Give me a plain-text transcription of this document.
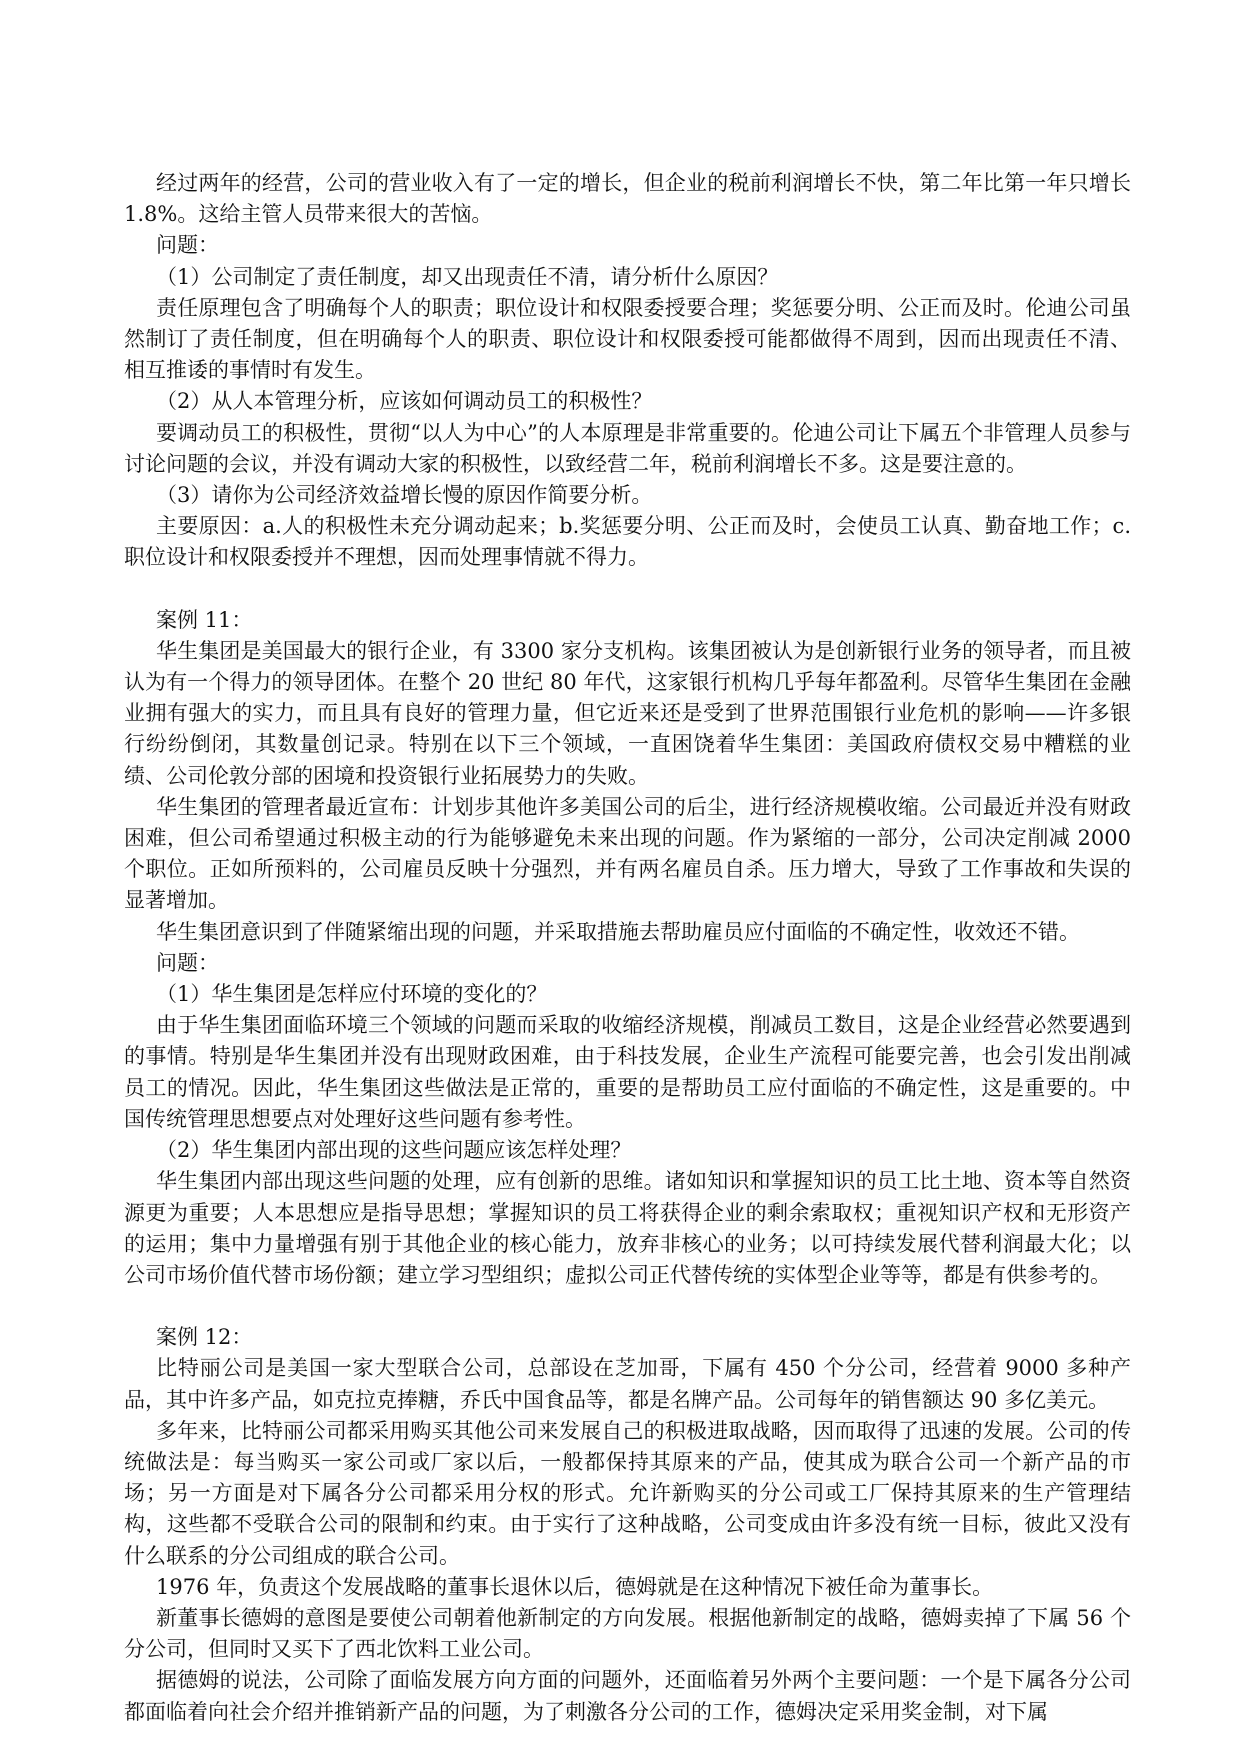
经过两年的经营，公司的营业收入有了一定的增长，但企业的税前利润增长不快，第二年比第一年只增长 1.8%。这给主管人员带来很大的苦恼。

问题：

（1）公司制定了责任制度，却又出现责任不清，请分析什么原因？

责任原理包含了明确每个人的职责；职位设计和权限委授要合理；奖惩要分明、公正而及时。伦迪公司虽然制订了责任制度，但在明确每个人的职责、职位设计和权限委授可能都做得不周到，因而出现责任不清、相互推诿的事情时有发生。

（2）从人本管理分析，应该如何调动员工的积极性？

要调动员工的积极性，贯彻“以人为中心”的人本原理是非常重要的。伦迪公司让下属五个非管理人员参与讨论问题的会议，并没有调动大家的积极性，以致经营二年，税前利润增长不多。这是要注意的。

（3）请你为公司经济效益增长慢的原因作简要分析。

主要原因：a.人的积极性未充分调动起来；b.奖惩要分明、公正而及时，会使员工认真、勤奋地工作；c.职位设计和权限委授并不理想，因而处理事情就不得力。

案例 11：

华生集团是美国最大的银行企业，有 3300 家分支机构。该集团被认为是创新银行业务的领导者，而且被认为有一个得力的领导团体。在整个 20 世纪 80 年代，这家银行机构几乎每年都盈利。尽管华生集团在金融业拥有强大的实力，而且具有良好的管理力量，但它近来还是受到了世界范围银行业危机的影响——许多银行纷纷倒闭，其数量创记录。特别在以下三个领域，一直困饶着华生集团：美国政府债权交易中糟糕的业绩、公司伦敦分部的困境和投资银行业拓展势力的失败。

华生集团的管理者最近宣布：计划步其他许多美国公司的后尘，进行经济规模收缩。公司最近并没有财政困难，但公司希望通过积极主动的行为能够避免未来出现的问题。作为紧缩的一部分，公司决定削减 2000 个职位。正如所预料的，公司雇员反映十分强烈，并有两名雇员自杀。压力增大，导致了工作事故和失误的显著增加。

华生集团意识到了伴随紧缩出现的问题，并采取措施去帮助雇员应付面临的不确定性，收效还不错。

问题：

（1）华生集团是怎样应付环境的变化的？

由于华生集团面临环境三个领域的问题而采取的收缩经济规模，削减员工数目，这是企业经营必然要遇到的事情。特别是华生集团并没有出现财政困难，由于科技发展，企业生产流程可能要完善，也会引发出削减员工的情况。因此，华生集团这些做法是正常的，重要的是帮助员工应付面临的不确定性，这是重要的。中国传统管理思想要点对处理好这些问题有参考性。

（2）华生集团内部出现的这些问题应该怎样处理？

华生集团内部出现这些问题的处理，应有创新的思维。诸如知识和掌握知识的员工比土地、资本等自然资源更为重要；人本思想应是指导思想；掌握知识的员工将获得企业的剩余索取权；重视知识产权和无形资产的运用；集中力量增强有别于其他企业的核心能力，放弃非核心的业务；以可持续发展代替利润最大化；以公司市场价值代替市场份额；建立学习型组织；虚拟公司正代替传统的实体型企业等等，都是有供参考的。

案例 12：

比特丽公司是美国一家大型联合公司，总部设在芝加哥，下属有 450 个分公司，经营着 9000 多种产品，其中许多产品，如克拉克捧糖，乔氏中国食品等，都是名牌产品。公司每年的销售额达 90 多亿美元。

多年来，比特丽公司都采用购买其他公司来发展自己的积极进取战略，因而取得了迅速的发展。公司的传统做法是：每当购买一家公司或厂家以后，一般都保持其原来的产品，使其成为联合公司一个新产品的市场；另一方面是对下属各分公司都采用分权的形式。允许新购买的分公司或工厂保持其原来的生产管理结构，这些都不受联合公司的限制和约束。由于实行了这种战略，公司变成由许多没有统一目标，彼此又没有什么联系的分公司组成的联合公司。

1976 年，负责这个发展战略的董事长退休以后，德姆就是在这种情况下被任命为董事长。

新董事长德姆的意图是要使公司朝着他新制定的方向发展。根据他新制定的战略，德姆卖掉了下属 56 个分公司，但同时又买下了西北饮料工业公司。

据德姆的说法，公司除了面临发展方向方面的问题外，还面临着另外两个主要问题：一个是下属各分公司都面临着向社会介绍并推销新产品的问题，为了刺激各分公司的工作，德姆决定采用奖金制，对下属
